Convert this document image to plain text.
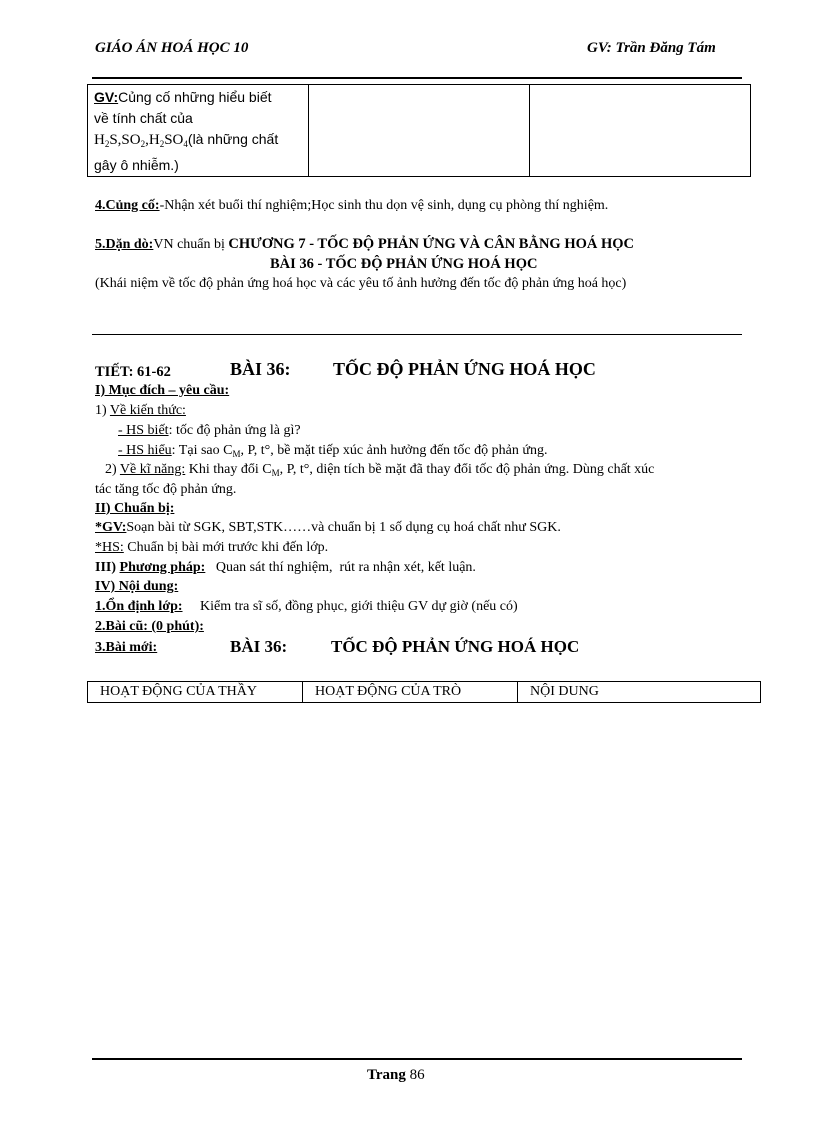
GIÁO ÁN HOÁ HỌC 10	GV: Trần Đăng Tám
GV:Củng cố những hiểu biết
về tính chất của
$H_2S,SO_2,H_2SO_4(là$ những chất
gây ô nhiễm.)

4.Củng cố:-Nhận xét buổi thí nghiệm;Học sinh thu dọn vệ sinh, dụng cụ phòng thí nghiệm.
5.Dặn dò:VN chuẩn bị CHƯƠNG 7 - TỐC ĐỘ PHẢN ỨNG VÀ CÂN BẰNG HOÁ HỌC
BÀI 36 - TỐC ĐỘ PHẢN ỨNG HOÁ HỌC
(Khái niệm về tốc độ phản ứng hoá học và các yêu tố ảnh hưởng đến tốc độ phản ứng hoá học)
TIẾT: 61-62	BÀI 36: TỐC ĐỘ PHẢN ỨNG HOÁ HỌC
I) Mục đích – yêu cầu:
1) Về kiến thức:
- HS biết: tốc độ phản ứng là gì?
- HS hiểu: Tại sao $C_M$, P, t°, bề mặt tiếp xúc ảnh hưởng đến tốc độ phản ứng.
2) Về kĩ năng: Khi thay đổi $C_M$, P, t°, diện tích bề mặt đã thay đổi tốc độ phản ứng. Dùng chất xúc
tác tăng tốc độ phản ứng.
II) Chuẩn bị:
*GV:Soạn bài từ SGK, SBT,STK……và chuẩn bị 1 số dụng cụ hoá chất như SGK.
*HS: Chuẩn bị bài mới trước khi đến lớp.
III) Phương pháp:   Quan sát thí nghiệm,  rút ra nhận xét, kết luận.
IV) Nội dung:
1.Ổn định lớp:     Kiểm tra sĩ số, đồng phục, giới thiệu GV dự giờ (nếu có)
2.Bài cũ: (0 phút):
3.Bài mới:	BÀI 36:	TỐC ĐỘ PHẢN ỨNG HOÁ HỌC
HOẠT ĐỘNG CỦA THẦY	HOẠT ĐỘNG CỦA TRÒ	NỘI DUNG
Trang 86
